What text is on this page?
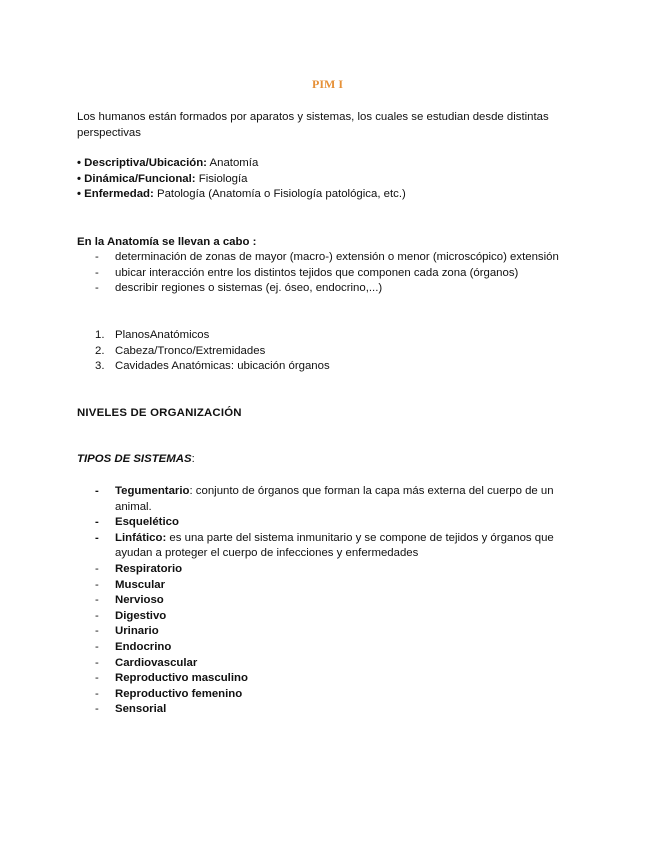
PIM I
Los humanos están formados por aparatos y sistemas, los cuales se estudian desde distintas perspectivas
• Descriptiva/Ubicación: Anatomía
• Dinámica/Funcional: Fisiología
• Enfermedad: Patología (Anatomía o Fisiología patológica, etc.)
En la Anatomía se llevan a cabo :
- determinación de zonas de mayor (macro-) extensión o menor (microscópico) extensión
- ubicar interacción entre los distintos tejidos que componen cada zona (órganos)
- describir regiones o sistemas (ej. óseo, endocrino,...)
1. PlanosAnatómicos
2. Cabeza/Tronco/Extremidades
3. Cavidades Anatómicas: ubicación órganos
NIVELES DE ORGANIZACIÓN
TIPOS DE SISTEMAS:
- Tegumentario: conjunto de órganos que forman la capa más externa del cuerpo de un animal.
- Esquelético
- Linfático: es una parte del sistema inmunitario y se compone de tejidos y órganos que ayudan a proteger el cuerpo de infecciones y enfermedades
- Respiratorio
- Muscular
- Nervioso
- Digestivo
- Urinario
- Endocrino
- Cardiovascular
- Reproductivo masculino
- Reproductivo femenino
- Sensorial
